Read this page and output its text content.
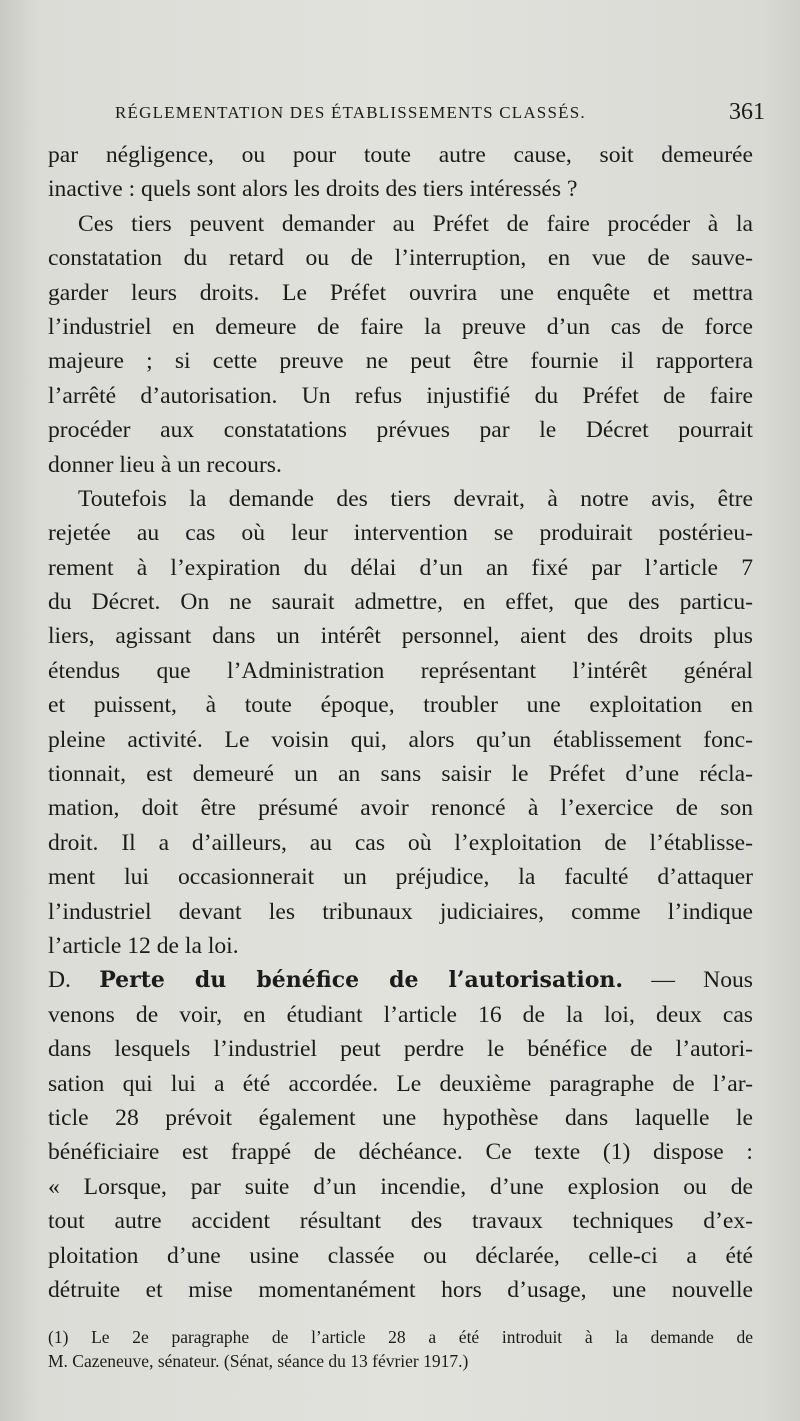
RÉGLEMENTATION DES ÉTABLISSEMENTS CLASSÉS.	361
par négligence, ou pour toute autre cause, soit demeurée
inactive : quels sont alors les droits des tiers intéressés ?
Ces tiers peuvent demander au Préfet de faire procéder à la
constatation du retard ou de l’interruption, en vue de sauve-
garder leurs droits. Le Préfet ouvrira une enquête et mettra
l’industriel en demeure de faire la preuve d’un cas de force
majeure ; si cette preuve ne peut être fournie il rapportera
l’arrêté d’autorisation. Un refus injustifié du Préfet de faire
procéder aux constatations prévues par le Décret pourrait
donner lieu à un recours.
Toutefois la demande des tiers devrait, à notre avis, être
rejetée au cas où leur intervention se produirait postérieu-
rement à l’expiration du délai d’un an fixé par l’article 7
du Décret. On ne saurait admettre, en effet, que des particu-
liers, agissant dans un intérêt personnel, aient des droits plus
étendus que l’Administration représentant l’intérêt général
et puissent, à toute époque, troubler une exploitation en
pleine activité. Le voisin qui, alors qu’un établissement fonc-
tionnait, est demeuré un an sans saisir le Préfet d’une récla-
mation, doit être présumé avoir renoncé à l’exercice de son
droit. Il a d’ailleurs, au cas où l’exploitation de l’établisse-
ment lui occasionnerait un préjudice, la faculté d’attaquer
l’industriel devant les tribunaux judiciaires, comme l’indique
l’article 12 de la loi.
D. Perte du bénéfice de l’autorisation. — Nous
venons de voir, en étudiant l’article 16 de la loi, deux cas
dans lesquels l’industriel peut perdre le bénéfice de l’autori-
sation qui lui a été accordée. Le deuxième paragraphe de l’ar-
ticle 28 prévoit également une hypothèse dans laquelle le
bénéficiaire est frappé de déchéance. Ce texte (1) dispose :
« Lorsque, par suite d’un incendie, d’une explosion ou de
tout autre accident résultant des travaux techniques d’ex-
ploitation d’une usine classée ou déclarée, celle-ci a été
détruite et mise momentanément hors d’usage, une nouvelle
(1) Le 2e paragraphe de l’article 28 a été introduit à la demande de
M. Cazeneuve, sénateur. (Sénat, séance du 13 février 1917.)
